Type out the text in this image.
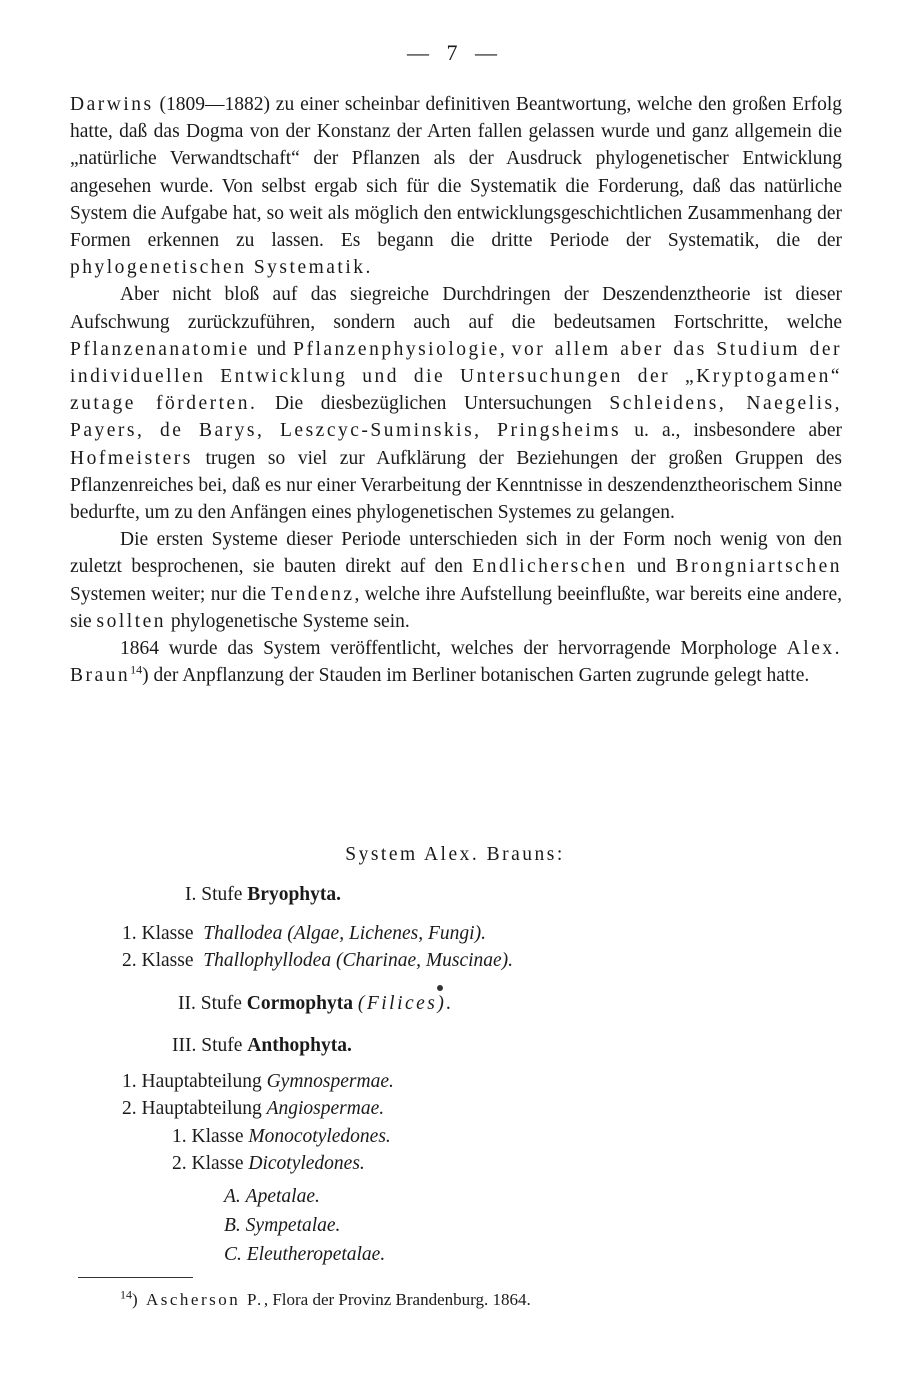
— 7 —

Darwins (1809—1882) zu einer scheinbar definitiven Beantwortung, welche den großen Erfolg hatte, daß das Dogma von der Konstanz der Arten fallen gelassen wurde und ganz allgemein die „natürliche Verwandtschaft“ der Pflanzen als der Ausdruck phylogenetischer Entwicklung angesehen wurde. Von selbst ergab sich für die Systematik die Forderung, daß das natürliche System die Aufgabe hat, so weit als möglich den entwicklungsgeschichtlichen Zusammenhang der Formen erkennen zu lassen. Es begann die dritte Periode der Systematik, die der phylogenetischen Systematik.

Aber nicht bloß auf das siegreiche Durchdringen der Deszendenztheorie ist dieser Aufschwung zurückzuführen, sondern auch auf die bedeutsamen Fortschritte, welche Pflanzenanatomie und Pflanzenphysiologie, vor allem aber das Studium der individuellen Entwicklung und die Untersuchungen der „Kryptogamen“ zutage förderten. Die diesbezüglichen Untersuchungen Schleidens, Naegelis, Payers, de Barys, Leszcyc-Suminskis, Pringsheims u. a., insbesondere aber Hofmeisters trugen so viel zur Aufklärung der Beziehungen der großen Gruppen des Pflanzenreiches bei, daß es nur einer Verarbeitung der Kenntnisse in deszendenztheorischem Sinne bedurfte, um zu den Anfängen eines phylogenetischen Systemes zu gelangen.

Die ersten Systeme dieser Periode unterschieden sich in der Form noch wenig von den zuletzt besprochenen, sie bauten direkt auf den Endlicherschen und Brongniartschen Systemen weiter; nur die Tendenz, welche ihre Aufstellung beeinflußte, war bereits eine andere, sie sollten phylogenetische Systeme sein.

1864 wurde das System veröffentlicht, welches der hervorragende Morphologe Alex. Braun$^{14}$) der Anpflanzung der Stauden im Berliner botanischen Garten zugrunde gelegt hatte.

System Alex. Brauns:
I. Stufe Bryophyta.
1. Klasse Thallodea (Algae, Lichenes, Fungi).
2. Klasse Thallophyllodea (Charinae, Muscinae).
II. Stufe Cormophyta (Filices).
III. Stufe Anthophyta.
1. Hauptabteilung Gymnospermae.
2. Hauptabteilung Angiospermae.
1. Klasse Monocotyledones.
2. Klasse Dicotyledones.
A. Apetalae.
B. Sympetalae.
C. Eleutheropetalae.
$^{14}$) Ascherson P., Flora der Provinz Brandenburg. 1864.
